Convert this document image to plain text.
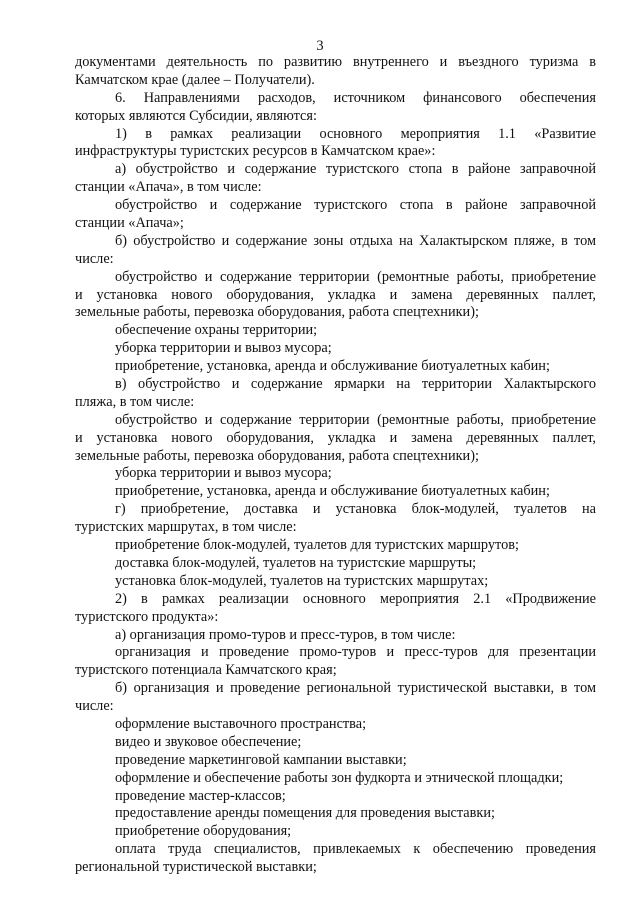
3
документами деятельность по развитию внутреннего и въездного туризма в
Камчатском крае (далее – Получатели).
6. Направлениями расходов, источником финансового обеспечения
которых являются Субсидии, являются:
1) в рамках реализации основного мероприятия 1.1 «Развитие
инфраструктуры туристских ресурсов в Камчатском крае»:
а) обустройство и содержание туристского стопа в районе заправочной
станции «Апача», в том числе:
обустройство и содержание туристского стопа в районе заправочной
станции «Апача»;
б) обустройство и содержание зоны отдыха на Халактырском пляже, в том
числе:
обустройство и содержание территории (ремонтные работы, приобретение
и установка нового оборудования, укладка и замена деревянных паллет,
земельные работы, перевозка оборудования, работа спецтехники);
обеспечение охраны территории;
уборка территории и вывоз мусора;
приобретение, установка, аренда и обслуживание биотуалетных кабин;
в) обустройство и содержание ярмарки на территории Халактырского
пляжа, в том числе:
обустройство и содержание территории (ремонтные работы, приобретение
и установка нового оборудования, укладка и замена деревянных паллет,
земельные работы, перевозка оборудования, работа спецтехники);
уборка территории и вывоз мусора;
приобретение, установка, аренда и обслуживание биотуалетных кабин;
г) приобретение, доставка и установка блок-модулей, туалетов на
туристских маршрутах, в том числе:
приобретение блок-модулей, туалетов для туристских маршрутов;
доставка блок-модулей, туалетов на туристские маршруты;
установка блок-модулей, туалетов на туристских маршрутах;
2) в рамках реализации основного мероприятия 2.1 «Продвижение
туристского продукта»:
а) организация промо-туров и пресс-туров, в том числе:
организация и проведение промо-туров и пресс-туров для презентации
туристского потенциала Камчатского края;
б) организация и проведение региональной туристической выставки, в том
числе:
оформление выставочного пространства;
видео и звуковое обеспечение;
проведение маркетинговой кампании выставки;
оформление и обеспечение работы зон фудкорта и этнической площадки;
проведение мастер-классов;
предоставление аренды помещения для проведения выставки;
приобретение оборудования;
оплата труда специалистов, привлекаемых к обеспечению проведения
региональной туристической выставки;
